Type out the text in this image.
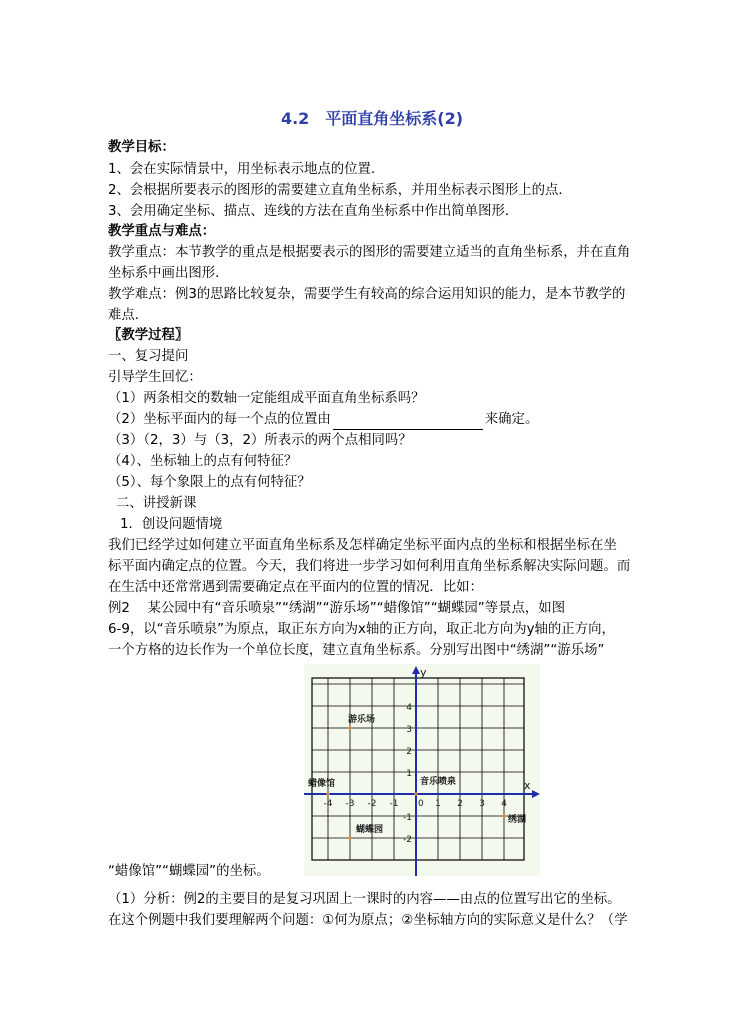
4.2　平面直角坐标系(2)
教学目标：
1、会在实际情景中，用坐标表示地点的位置．
2、会根据所要表示的图形的需要建立直角坐标系，并用坐标表示图形上的点．
3、会用确定坐标、描点、连线的方法在直角坐标系中作出简单图形．
教学重点与难点：
教学重点：本节教学的重点是根据要表示的图形的需要建立适当的直角坐标系，并在直角
坐标系中画出图形．
教学难点：例3的思路比较复杂，需要学生有较高的综合运用知识的能力，是本节教学的
难点．
〖教学过程〗
一、复习提问
引导学生回忆：
（1）两条相交的数轴一定能组成平面直角坐标系吗？
（2）坐标平面内的每一个点的位置由	来确定。
（3）（2，3）与（3，2）所表示的两个点相同吗？
（4）、坐标轴上的点有何特征？
（5）、每个象限上的点有何特征？
二、讲授新课
1．创设问题情境
我们已经学过如何建立平面直角坐标系及怎样确定坐标平面内点的坐标和根据坐标在坐
标平面内确定点的位置。今天，我们将进一步学习如何利用直角坐标系解决实际问题。而
在生活中还常常遇到需要确定点在平面内的位置的情况．比如：
例2　 某公园中有“音乐喷泉”“绣湖”“游乐场”“蜡像馆”“蝴蝶园”等景点，如图
6-9，以“音乐喷泉”为原点，取正东方向为x轴的正方向，取正北方向为y轴的正方向，
一个方格的边长作为一个单位长度，建立直角坐标系。分别写出图中“绣湖”“游乐场”
x
y
0
-4 -3 -2 -1	1 2 3 4
4
3
2
1
-1
-2
游乐场
蜡像馆	音乐喷泉
绣湖
蝴蝶园
“蜡像馆”“蝴蝶园”的坐标。
（1）分析：例2的主要目的是复习巩固上一课时的内容——由点的位置写出它的坐标。
在这个例题中我们要理解两个问题：①何为原点；②坐标轴方向的实际意义是什么？（学
